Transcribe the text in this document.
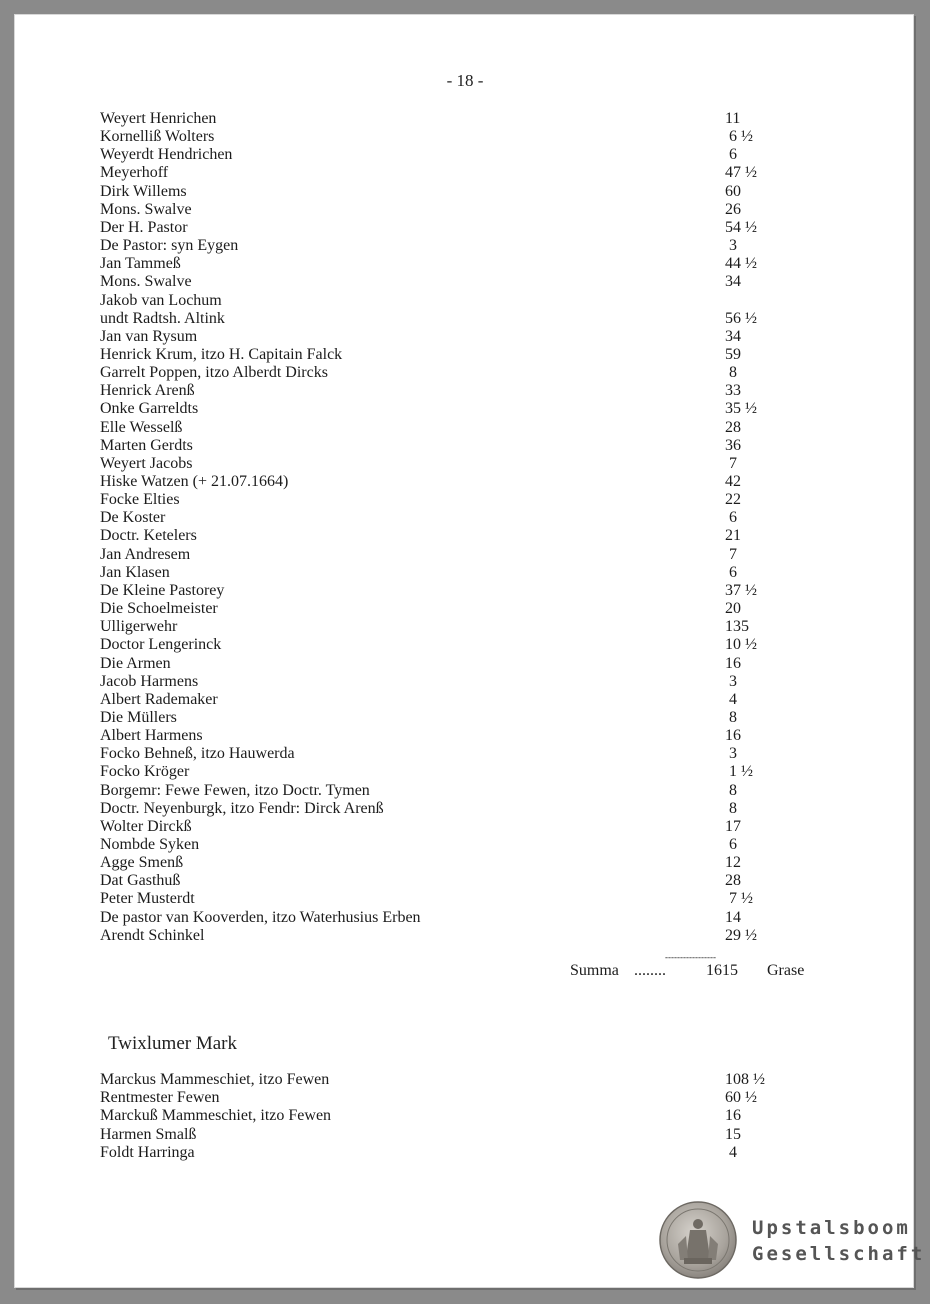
- 18 -
Weyert Henrichen	11
Kornelliß Wolters	6 ½
Weyerdt Hendrichen	6
Meyerhoff	47 ½
Dirk Willems	60
Mons. Swalve	26
Der H. Pastor	54 ½
De Pastor: syn Eygen	3
Jan Tammeß	44 ½
Mons. Swalve	34
Jakob van Lochum
undt Radtsh. Altink	56 ½
Jan van Rysum	34
Henrick Krum, itzo H. Capitain Falck	59
Garrelt Poppen, itzo Alberdt Dircks	8
Henrick Arenß	33
Onke Garreldts	35 ½
Elle Wesselß	28
Marten Gerdts	36
Weyert Jacobs	7
Hiske Watzen (+ 21.07.1664)	42
Focke Elties	22
De Koster	6
Doctr. Ketelers	21
Jan Andresem	7
Jan Klasen	6
De Kleine Pastorey	37 ½
Die Schoelmeister	20
Ulligerwehr	135
Doctor Lengerinck	10 ½
Die Armen	16
Jacob Harmens	3
Albert Rademaker	4
Die Müllers	8
Albert Harmens	16
Focko Behneß, itzo Hauwerda	3
Focko Kröger	1 ½
Borgemr: Fewe Fewen, itzo Doctr. Tymen	8
Doctr. Neyenburgk, itzo Fendr: Dirck Arenß	8
Wolter Dirckß	17
Nombde Syken	6
Agge Smenß	12
Dat Gasthuß	28
Peter Musterdt	7 ½
De pastor van Kooverden, itzo Waterhusius Erben	14
Arendt Schinkel	29 ½
-----------------
Summa ........	1615 Grase
Twixlumer Mark
Marckus Mammeschiet, itzo Fewen	108 ½
Rentmester Fewen	60 ½
Marckuß Mammeschiet, itzo Fewen	16
Harmen Smalß	15
Foldt Harringa	4
Upstalsboom
Gesellschaft
